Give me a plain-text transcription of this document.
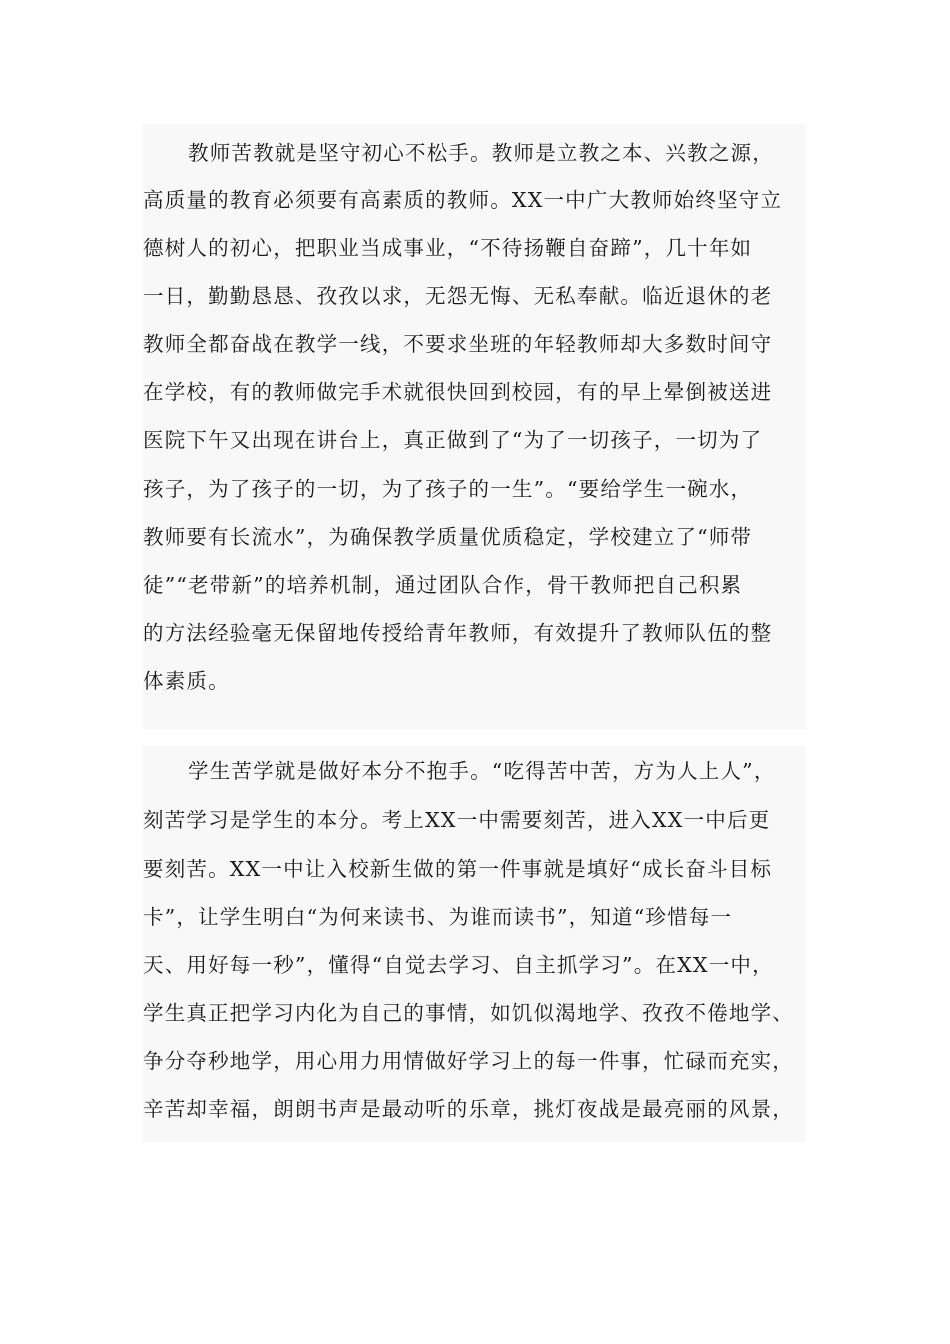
教师苦教就是坚守初心不松手。教师是立教之本、兴教之源，
高质量的教育必须要有高素质的教师。XX一中广大教师始终坚守立
德树人的初心，把职业当成事业，“不待扬鞭自奋蹄”，几十年如
一日，勤勤恳恳、孜孜以求，无怨无悔、无私奉献。临近退休的老
教师全都奋战在教学一线，不要求坐班的年轻教师却大多数时间守
在学校，有的教师做完手术就很快回到校园，有的早上晕倒被送进
医院下午又出现在讲台上，真正做到了“为了一切孩子，一切为了
孩子，为了孩子的一切，为了孩子的一生”。“要给学生一碗水，
教师要有长流水”，为确保教学质量优质稳定，学校建立了“师带
徒”“老带新”的培养机制，通过团队合作，骨干教师把自己积累
的方法经验毫无保留地传授给青年教师，有效提升了教师队伍的整
体素质。
学生苦学就是做好本分不抱手。“吃得苦中苦，方为人上人”，
刻苦学习是学生的本分。考上XX一中需要刻苦，进入XX一中后更
要刻苦。XX一中让入校新生做的第一件事就是填好“成长奋斗目标
卡”，让学生明白“为何来读书、为谁而读书”，知道“珍惜每一
天、用好每一秒”，懂得“自觉去学习、自主抓学习”。在XX一中，
学生真正把学习内化为自己的事情，如饥似渴地学、孜孜不倦地学、
争分夺秒地学，用心用力用情做好学习上的每一件事，忙碌而充实，
辛苦却幸福，朗朗书声是最动听的乐章，挑灯夜战是最亮丽的风景，
